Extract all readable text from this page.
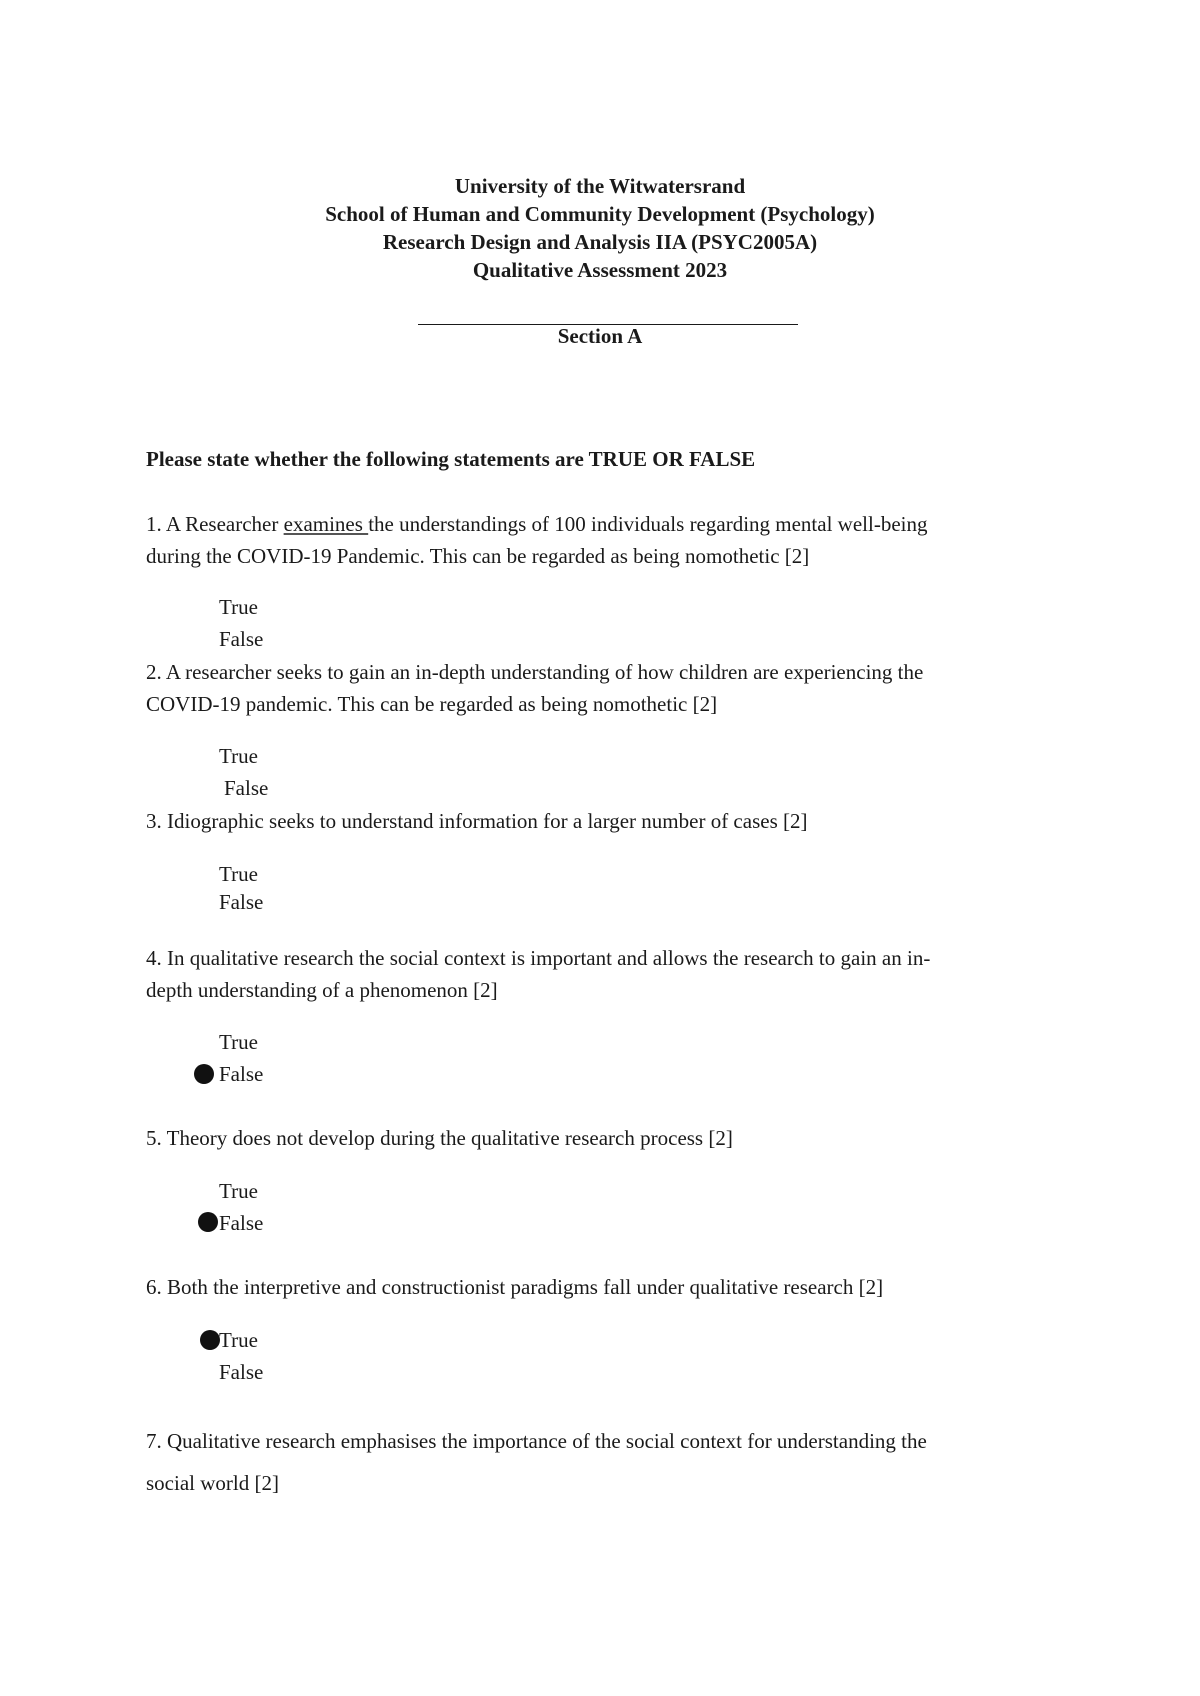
University of the Witwatersrand
School of Human and Community Development (Psychology)
Research Design and Analysis IIA (PSYC2005A)
Qualitative Assessment 2023
Section A
Please state whether the following statements are TRUE OR FALSE
1. A Researcher examines the understandings of 100 individuals regarding mental well-being
during the COVID-19 Pandemic. This can be regarded as being nomothetic [2]
True
False
2. A researcher seeks to gain an in-depth understanding of how children are experiencing the
COVID-19 pandemic. This can be regarded as being nomothetic [2]
True
False
3. Idiographic seeks to understand information for a larger number of cases [2]
True
False
4. In qualitative research the social context is important and allows the research to gain an in-
depth understanding of a phenomenon [2]
True
False
5. Theory does not develop during the qualitative research process [2]
True
False
6. Both the interpretive and constructionist paradigms fall under qualitative research [2]
True
False
7. Qualitative research emphasises the importance of the social context for understanding the
social world [2]
